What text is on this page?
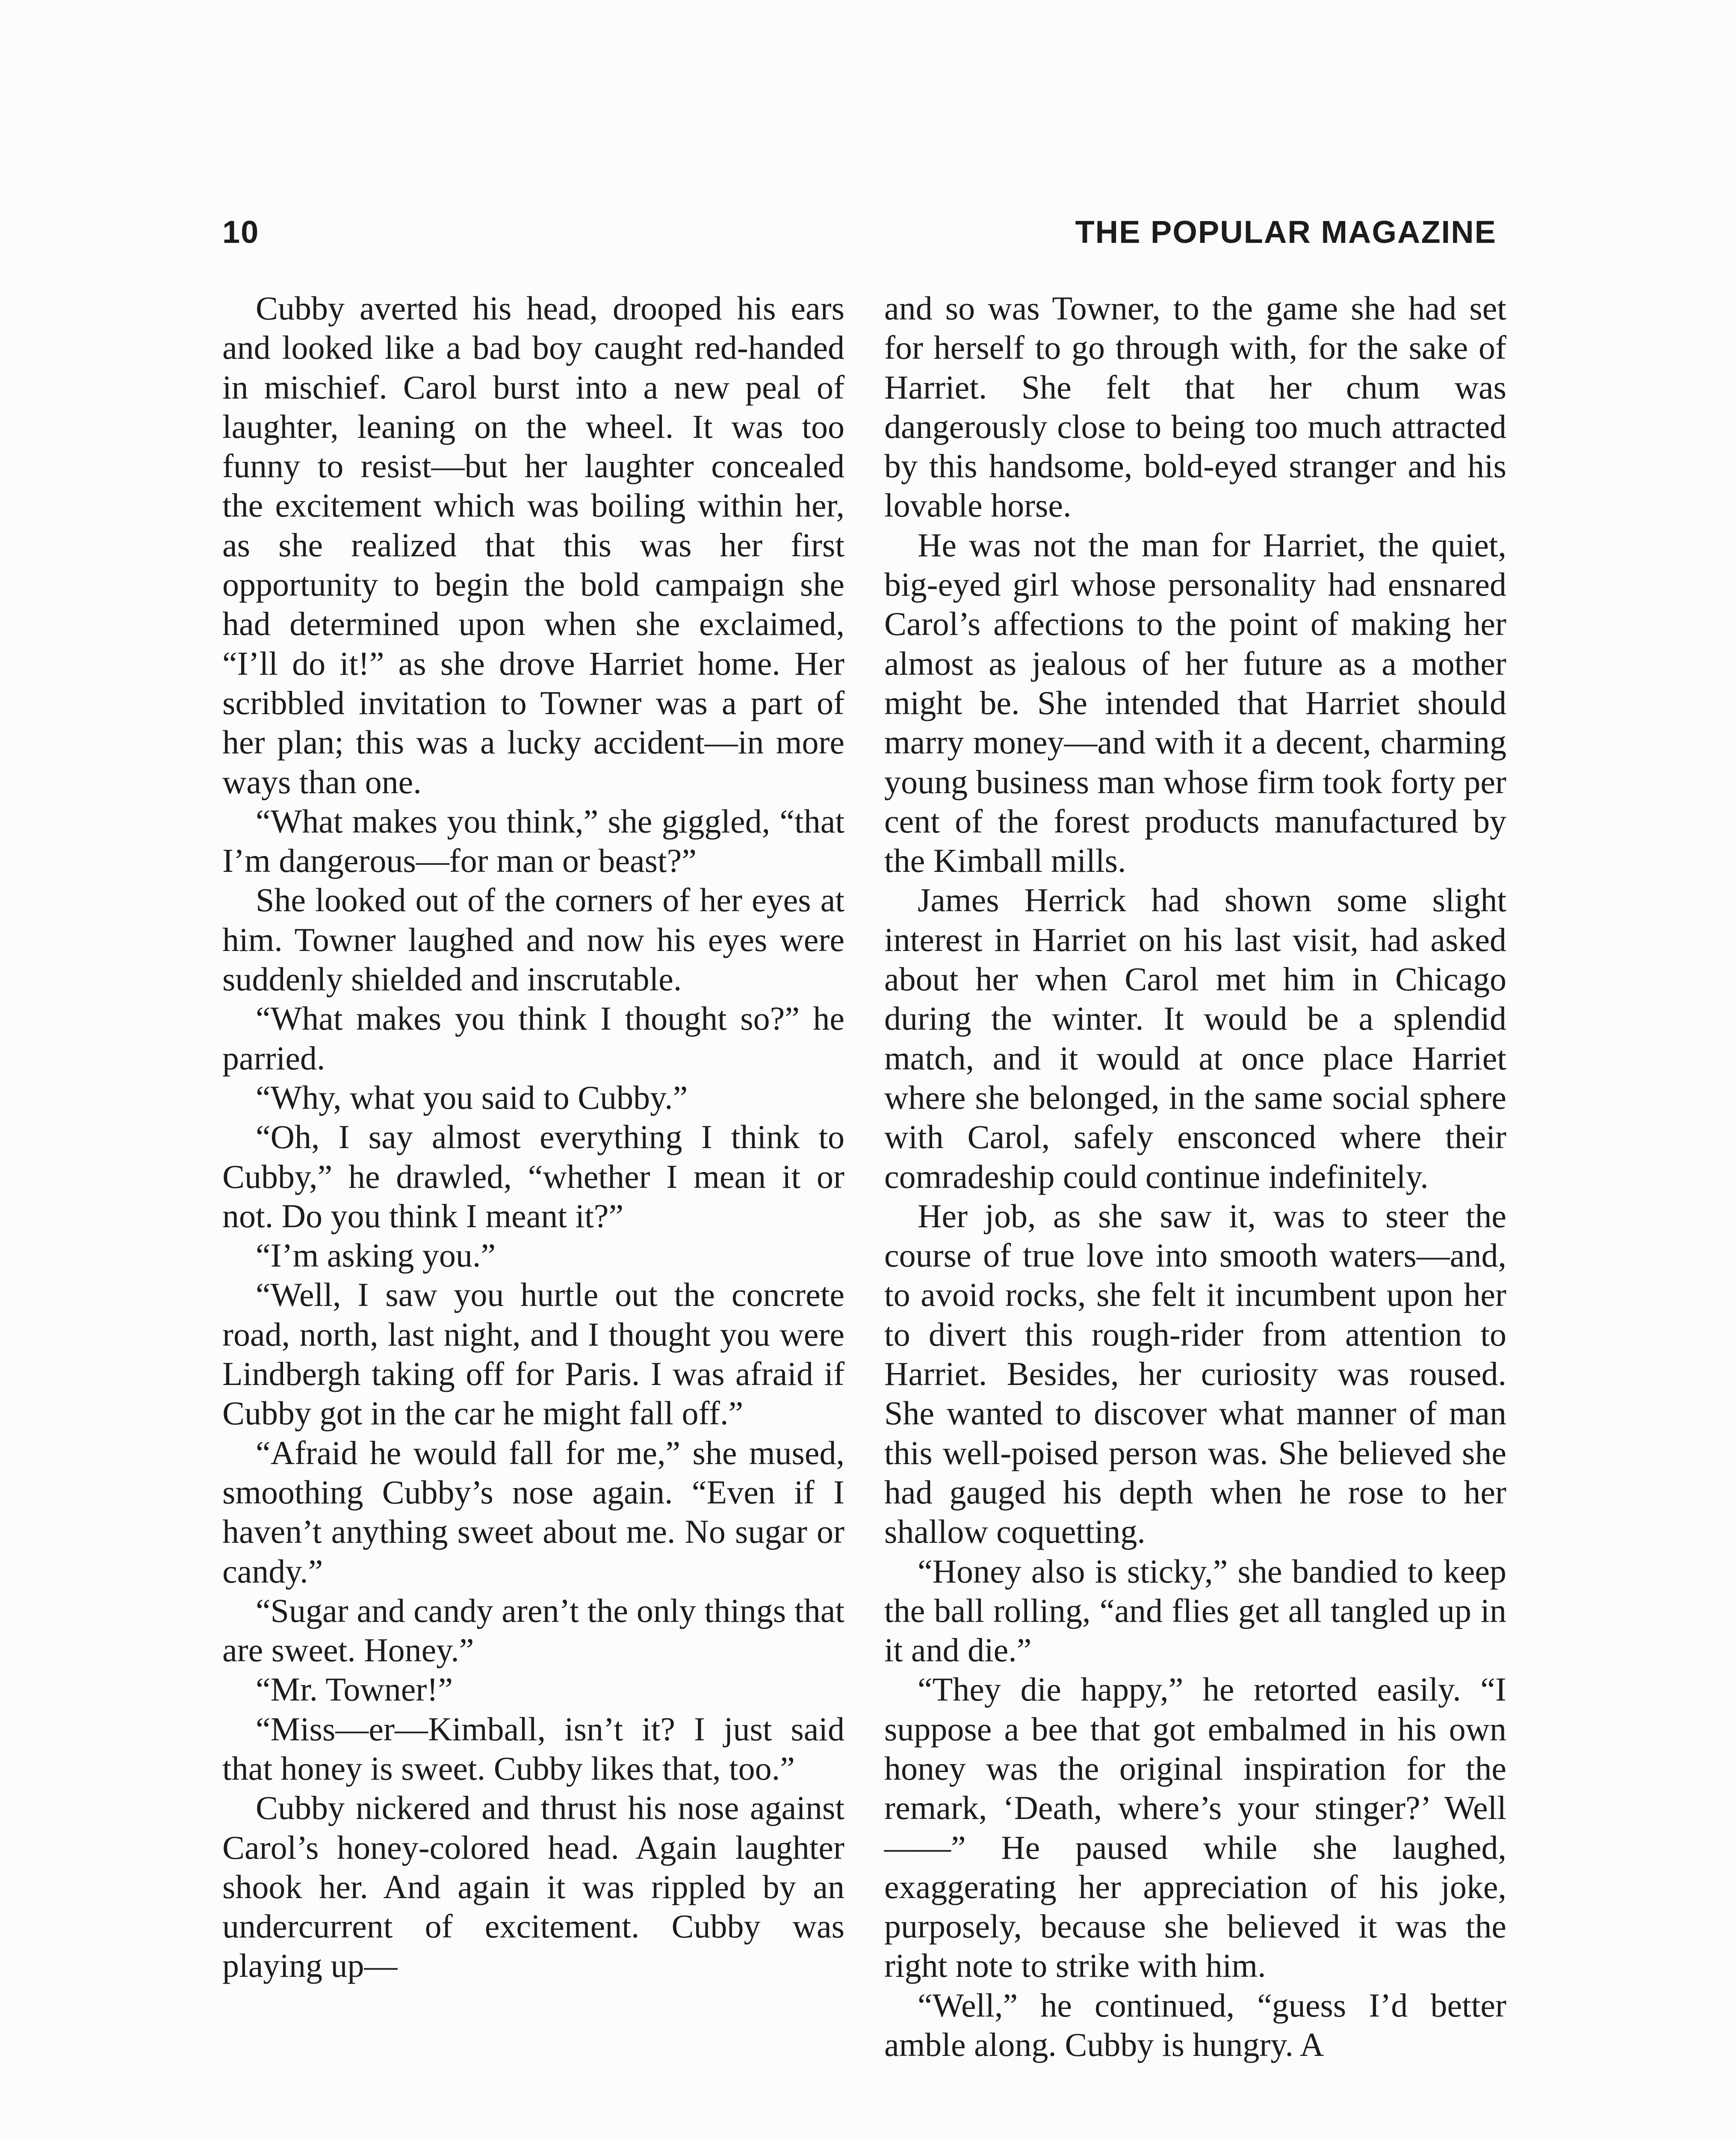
10	THE POPULAR MAGAZINE

Cubby averted his head, drooped his ears and looked like a bad boy caught red-handed in mischief. Carol burst into a new peal of laughter, leaning on the wheel. It was too funny to resist—but her laughter concealed the excitement which was boiling within her, as she realized that this was her first opportunity to begin the bold campaign she had determined upon when she exclaimed, “I’ll do it!” as she drove Harriet home. Her scribbled invitation to Towner was a part of her plan; this was a lucky accident—in more ways than one.

“What makes you think,” she giggled, “that I’m dangerous—for man or beast?”

She looked out of the corners of her eyes at him. Towner laughed and now his eyes were suddenly shielded and inscrutable.

“What makes you think I thought so?” he parried.

“Why, what you said to Cubby.”

“Oh, I say almost everything I think to Cubby,” he drawled, “whether I mean it or not. Do you think I meant it?”

“I’m asking you.”

“Well, I saw you hurtle out the concrete road, north, last night, and I thought you were Lindbergh taking off for Paris. I was afraid if Cubby got in the car he might fall off.”

“Afraid he would fall for me,” she mused, smoothing Cubby’s nose again. “Even if I haven’t anything sweet about me. No sugar or candy.”

“Sugar and candy aren’t the only things that are sweet. Honey.”

“Mr. Towner!”

“Miss—er—Kimball, isn’t it? I just said that honey is sweet. Cubby likes that, too.”

Cubby nickered and thrust his nose against Carol’s honey-colored head. Again laughter shook her. And again it was rippled by an undercurrent of excitement. Cubby was playing up—

and so was Towner, to the game she had set for herself to go through with, for the sake of Harriet. She felt that her chum was dangerously close to being too much attracted by this handsome, bold-eyed stranger and his lovable horse.

He was not the man for Harriet, the quiet, big-eyed girl whose personality had ensnared Carol’s affections to the point of making her almost as jealous of her future as a mother might be. She intended that Harriet should marry money—and with it a decent, charming young business man whose firm took forty per cent of the forest products manufactured by the Kimball mills.

James Herrick had shown some slight interest in Harriet on his last visit, had asked about her when Carol met him in Chicago during the winter. It would be a splendid match, and it would at once place Harriet where she belonged, in the same social sphere with Carol, safely ensconced where their comradeship could continue indefinitely.

Her job, as she saw it, was to steer the course of true love into smooth waters—and, to avoid rocks, she felt it incumbent upon her to divert this rough-rider from attention to Harriet. Besides, her curiosity was roused. She wanted to discover what manner of man this well-poised person was. She believed she had gauged his depth when he rose to her shallow coquetting.

“Honey also is sticky,” she bandied to keep the ball rolling, “and flies get all tangled up in it and die.”

“They die happy,” he retorted easily. “I suppose a bee that got embalmed in his own honey was the original inspiration for the remark, ‘Death, where’s your stinger?’ Well——” He paused while she laughed, exaggerating her appreciation of his joke, purposely, because she believed it was the right note to strike with him.

“Well,” he continued, “guess I’d better amble along. Cubby is hungry. A
